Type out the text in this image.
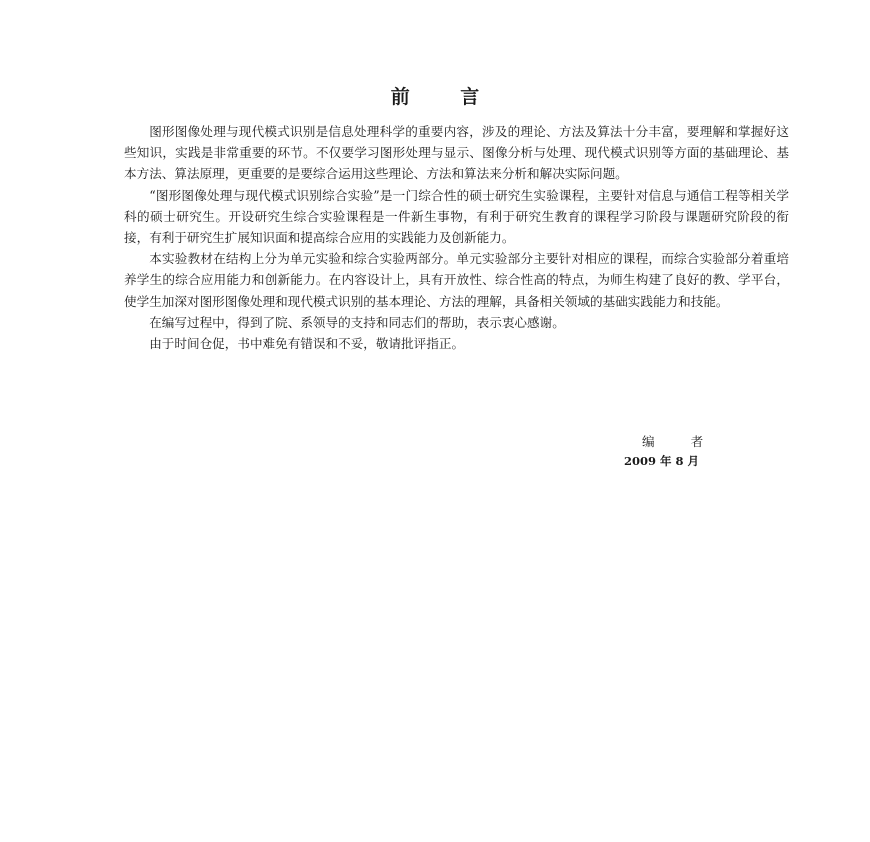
前 言

图形图像处理与现代模式识别是信息处理科学的重要内容，涉及的理论、方法及算法十分丰富，要理解和掌握好这些知识，实践是非常重要的环节。不仅要学习图形处理与显示、图像分析与处理、现代模式识别等方面的基础理论、基本方法、算法原理，更重要的是要综合运用这些理论、方法和算法来分析和解决实际问题。

“图形图像处理与现代模式识别综合实验”是一门综合性的硕士研究生实验课程，主要针对信息与通信工程等相关学科的硕士研究生。开设研究生综合实验课程是一件新生事物，有利于研究生教育的课程学习阶段与课题研究阶段的衔接，有利于研究生扩展知识面和提高综合应用的实践能力及创新能力。

本实验教材在结构上分为单元实验和综合实验两部分。单元实验部分主要针对相应的课程，而综合实验部分着重培养学生的综合应用能力和创新能力。在内容设计上，具有开放性、综合性高的特点，为师生构建了良好的教、学平台，使学生加深对图形图像处理和现代模式识别的基本理论、方法的理解，具备相关领域的基础实践能力和技能。

在编写过程中，得到了院、系领导的支持和同志们的帮助，表示衷心感谢。

由于时间仓促，书中难免有错误和不妥，敬请批评指正。

编 者
2009 年 8 月
